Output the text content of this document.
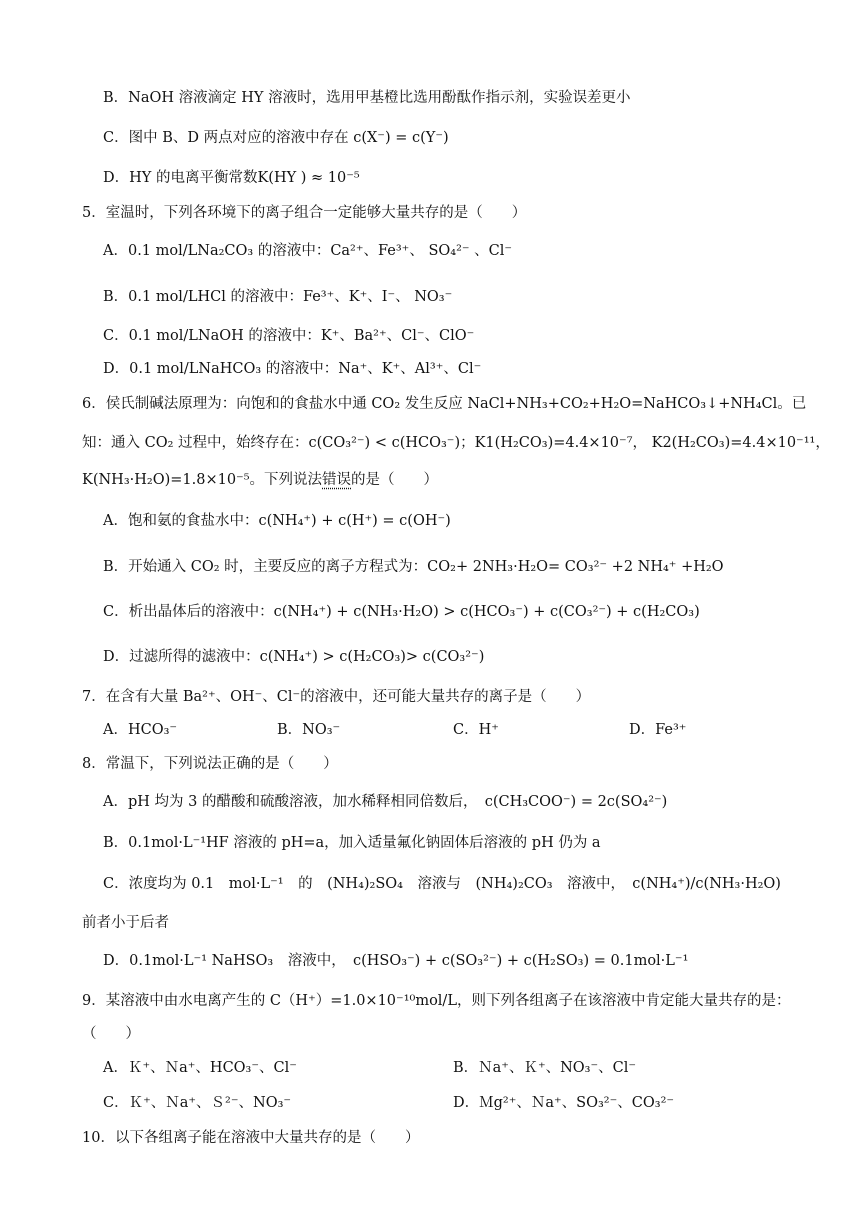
B．NaOH 溶液滴定 HY 溶液时，选用甲基橙比选用酚酞作指示剂，实验误差更小
C．图中 B、D 两点对应的溶液中存在 c(X⁻) = c(Y⁻)
D．HY 的电离平衡常数K(HY ) ≈ 10⁻⁵
5．室温时，下列各环境下的离子组合一定能够大量共存的是（　　）
A．0.1 mol/LNa₂CO₃ 的溶液中：Ca²⁺、Fe³⁺、 SO₄²⁻ 、Cl⁻
B．0.1 mol/LHCl 的溶液中：Fe³⁺、K⁺、I⁻、 NO₃⁻
C．0.1 mol/LNaOH 的溶液中：K⁺、Ba²⁺、Cl⁻、ClO⁻
D．0.1 mol/LNaHCO₃ 的溶液中：Na⁺、K⁺、Al³⁺、Cl⁻
6．侯氏制碱法原理为：向饱和的食盐水中通 CO₂ 发生反应 NaCl+NH₃+CO₂+H₂O=NaHCO₃↓+NH₄Cl。已
知：通入 CO₂ 过程中，始终存在：c(CO₃²⁻) < c(HCO₃⁻)；K1(H₂CO₃)=4.4×10⁻⁷， K2(H₂CO₃)=4.4×10⁻¹¹，
K(NH₃·H₂O)=1.8×10⁻⁵。下列说法错误的是（　　）
A．饱和氨的食盐水中：c(NH₄⁺) + c(H⁺) = c(OH⁻)
B．开始通入 CO₂ 时，主要反应的离子方程式为：CO₂+ 2NH₃·H₂O= CO₃²⁻ +2 NH₄⁺ +H₂O
C．析出晶体后的溶液中：c(NH₄⁺) + c(NH₃·H₂O) > c(HCO₃⁻) + c(CO₃²⁻) + c(H₂CO₃)
D．过滤所得的滤液中：c(NH₄⁺) > c(H₂CO₃)> c(CO₃²⁻)
7．在含有大量 Ba²⁺、OH⁻、Cl⁻的溶液中，还可能大量共存的离子是（　　）
A．HCO₃⁻	B．NO₃⁻	C．H⁺	D．Fe³⁺
8．常温下，下列说法正确的是（　　）
A．pH 均为 3 的醋酸和硫酸溶液，加水稀释相同倍数后，　c(CH₃COO⁻) = 2c(SO₄²⁻)
B．0.1mol·L⁻¹HF 溶液的 pH=a，加入适量氟化钠固体后溶液的 pH 仍为 a
C．浓度均为 0.1　mol·L⁻¹　的　(NH₄)₂SO₄　溶液与　(NH₄)₂CO₃　溶液中，　c(NH₄⁺)/c(NH₃·H₂O)
前者小于后者
D．0.1mol·L⁻¹ NaHSO₃　溶液中，　c(HSO₃⁻) + c(SO₃²⁻) + c(H₂SO₃) = 0.1mol·L⁻¹
9．某溶液中由水电离产生的 C（H⁺）=1.0×10⁻¹⁰mol/L，则下列各组离子在该溶液中肯定能大量共存的是：
（　　）
A．Ｋ⁺、Ｎa⁺、HCO₃⁻、Cl⁻	B．Ｎa⁺、Ｋ⁺、NO₃⁻、Cl⁻
C．Ｋ⁺、Ｎa⁺、Ｓ²⁻、NO₃⁻	D．Ｍg²⁺、Ｎa⁺、SO₃²⁻、CO₃²⁻
10．以下各组离子能在溶液中大量共存的是（　　）
